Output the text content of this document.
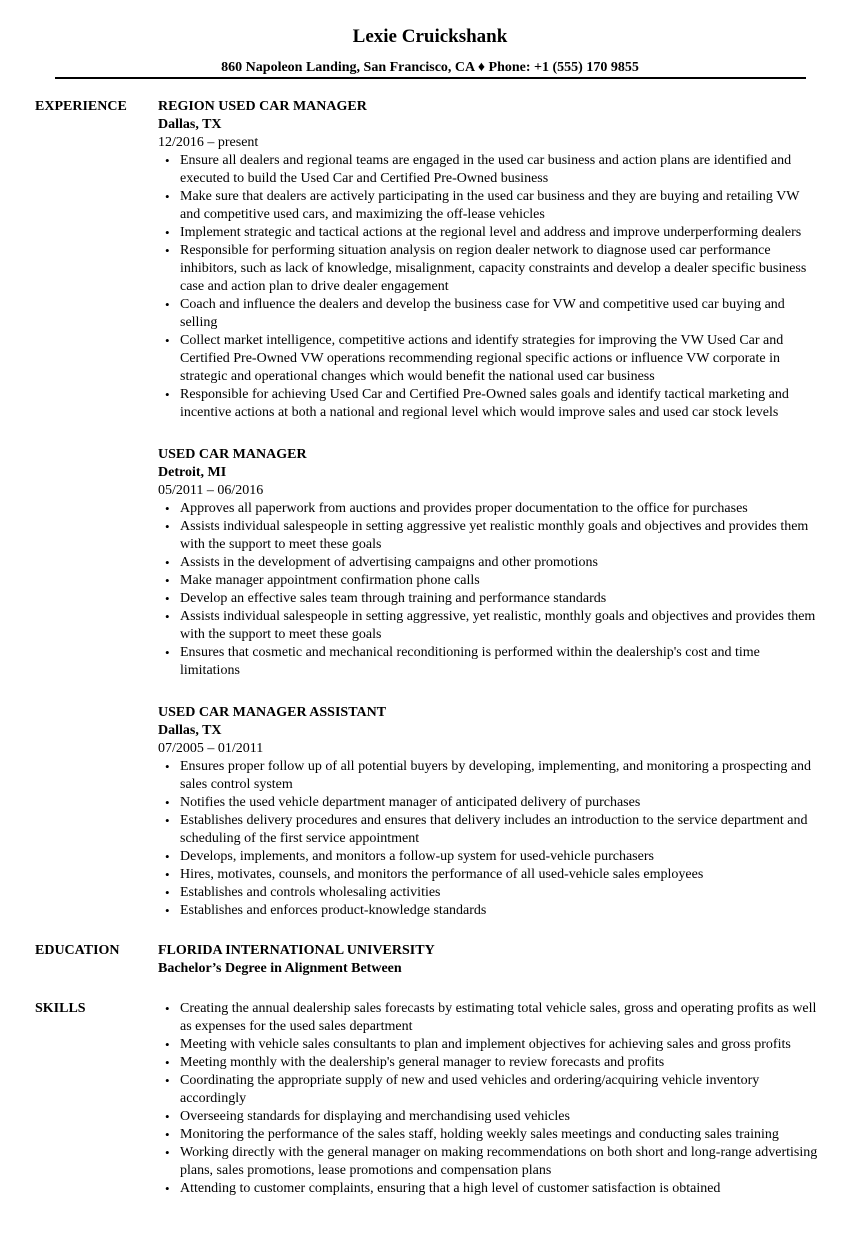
Lexie Cruickshank
860 Napoleon Landing, San Francisco, CA ♦ Phone: +1 (555) 170 9855
EXPERIENCE	REGION USED CAR MANAGER
Dallas, TX
12/2016 – present
• Ensure all dealers and regional teams are engaged in the used car business and action plans are identified and executed to build the Used Car and Certified Pre-Owned business
• Make sure that dealers are actively participating in the used car business and they are buying and retailing VW and competitive used cars, and maximizing the off-lease vehicles
• Implement strategic and tactical actions at the regional level and address and improve underperforming dealers
• Responsible for performing situation analysis on region dealer network to diagnose used car performance inhibitors, such as lack of knowledge, misalignment, capacity constraints and develop a dealer specific business case and action plan to drive dealer engagement
• Coach and influence the dealers and develop the business case for VW and competitive used car buying and selling
• Collect market intelligence, competitive actions and identify strategies for improving the VW Used Car and Certified Pre-Owned VW operations recommending regional specific actions or influence VW corporate in strategic and operational changes which would benefit the national used car business
• Responsible for achieving Used Car and Certified Pre-Owned sales goals and identify tactical marketing and incentive actions at both a national and regional level which would improve sales and used car stock levels
USED CAR MANAGER
Detroit, MI
05/2011 – 06/2016
• Approves all paperwork from auctions and provides proper documentation to the office for purchases
• Assists individual salespeople in setting aggressive yet realistic monthly goals and objectives and provides them with the support to meet these goals
• Assists in the development of advertising campaigns and other promotions
• Make manager appointment confirmation phone calls
• Develop an effective sales team through training and performance standards
• Assists individual salespeople in setting aggressive, yet realistic, monthly goals and objectives and provides them with the support to meet these goals
• Ensures that cosmetic and mechanical reconditioning is performed within the dealership's cost and time limitations
USED CAR MANAGER ASSISTANT
Dallas, TX
07/2005 – 01/2011
• Ensures proper follow up of all potential buyers by developing, implementing, and monitoring a prospecting and sales control system
• Notifies the used vehicle department manager of anticipated delivery of purchases
• Establishes delivery procedures and ensures that delivery includes an introduction to the service department and scheduling of the first service appointment
• Develops, implements, and monitors a follow-up system for used-vehicle purchasers
• Hires, motivates, counsels, and monitors the performance of all used-vehicle sales employees
• Establishes and controls wholesaling activities
• Establishes and enforces product-knowledge standards
EDUCATION	FLORIDA INTERNATIONAL UNIVERSITY
Bachelor’s Degree in Alignment Between
SKILLS	• Creating the annual dealership sales forecasts by estimating total vehicle sales, gross and operating profits as well as expenses for the used sales department
• Meeting with vehicle sales consultants to plan and implement objectives for achieving sales and gross profits
• Meeting monthly with the dealership's general manager to review forecasts and profits
• Coordinating the appropriate supply of new and used vehicles and ordering/acquiring vehicle inventory accordingly
• Overseeing standards for displaying and merchandising used vehicles
• Monitoring the performance of the sales staff, holding weekly sales meetings and conducting sales training
• Working directly with the general manager on making recommendations on both short and long-range advertising plans, sales promotions, lease promotions and compensation plans
• Attending to customer complaints, ensuring that a high level of customer satisfaction is obtained
